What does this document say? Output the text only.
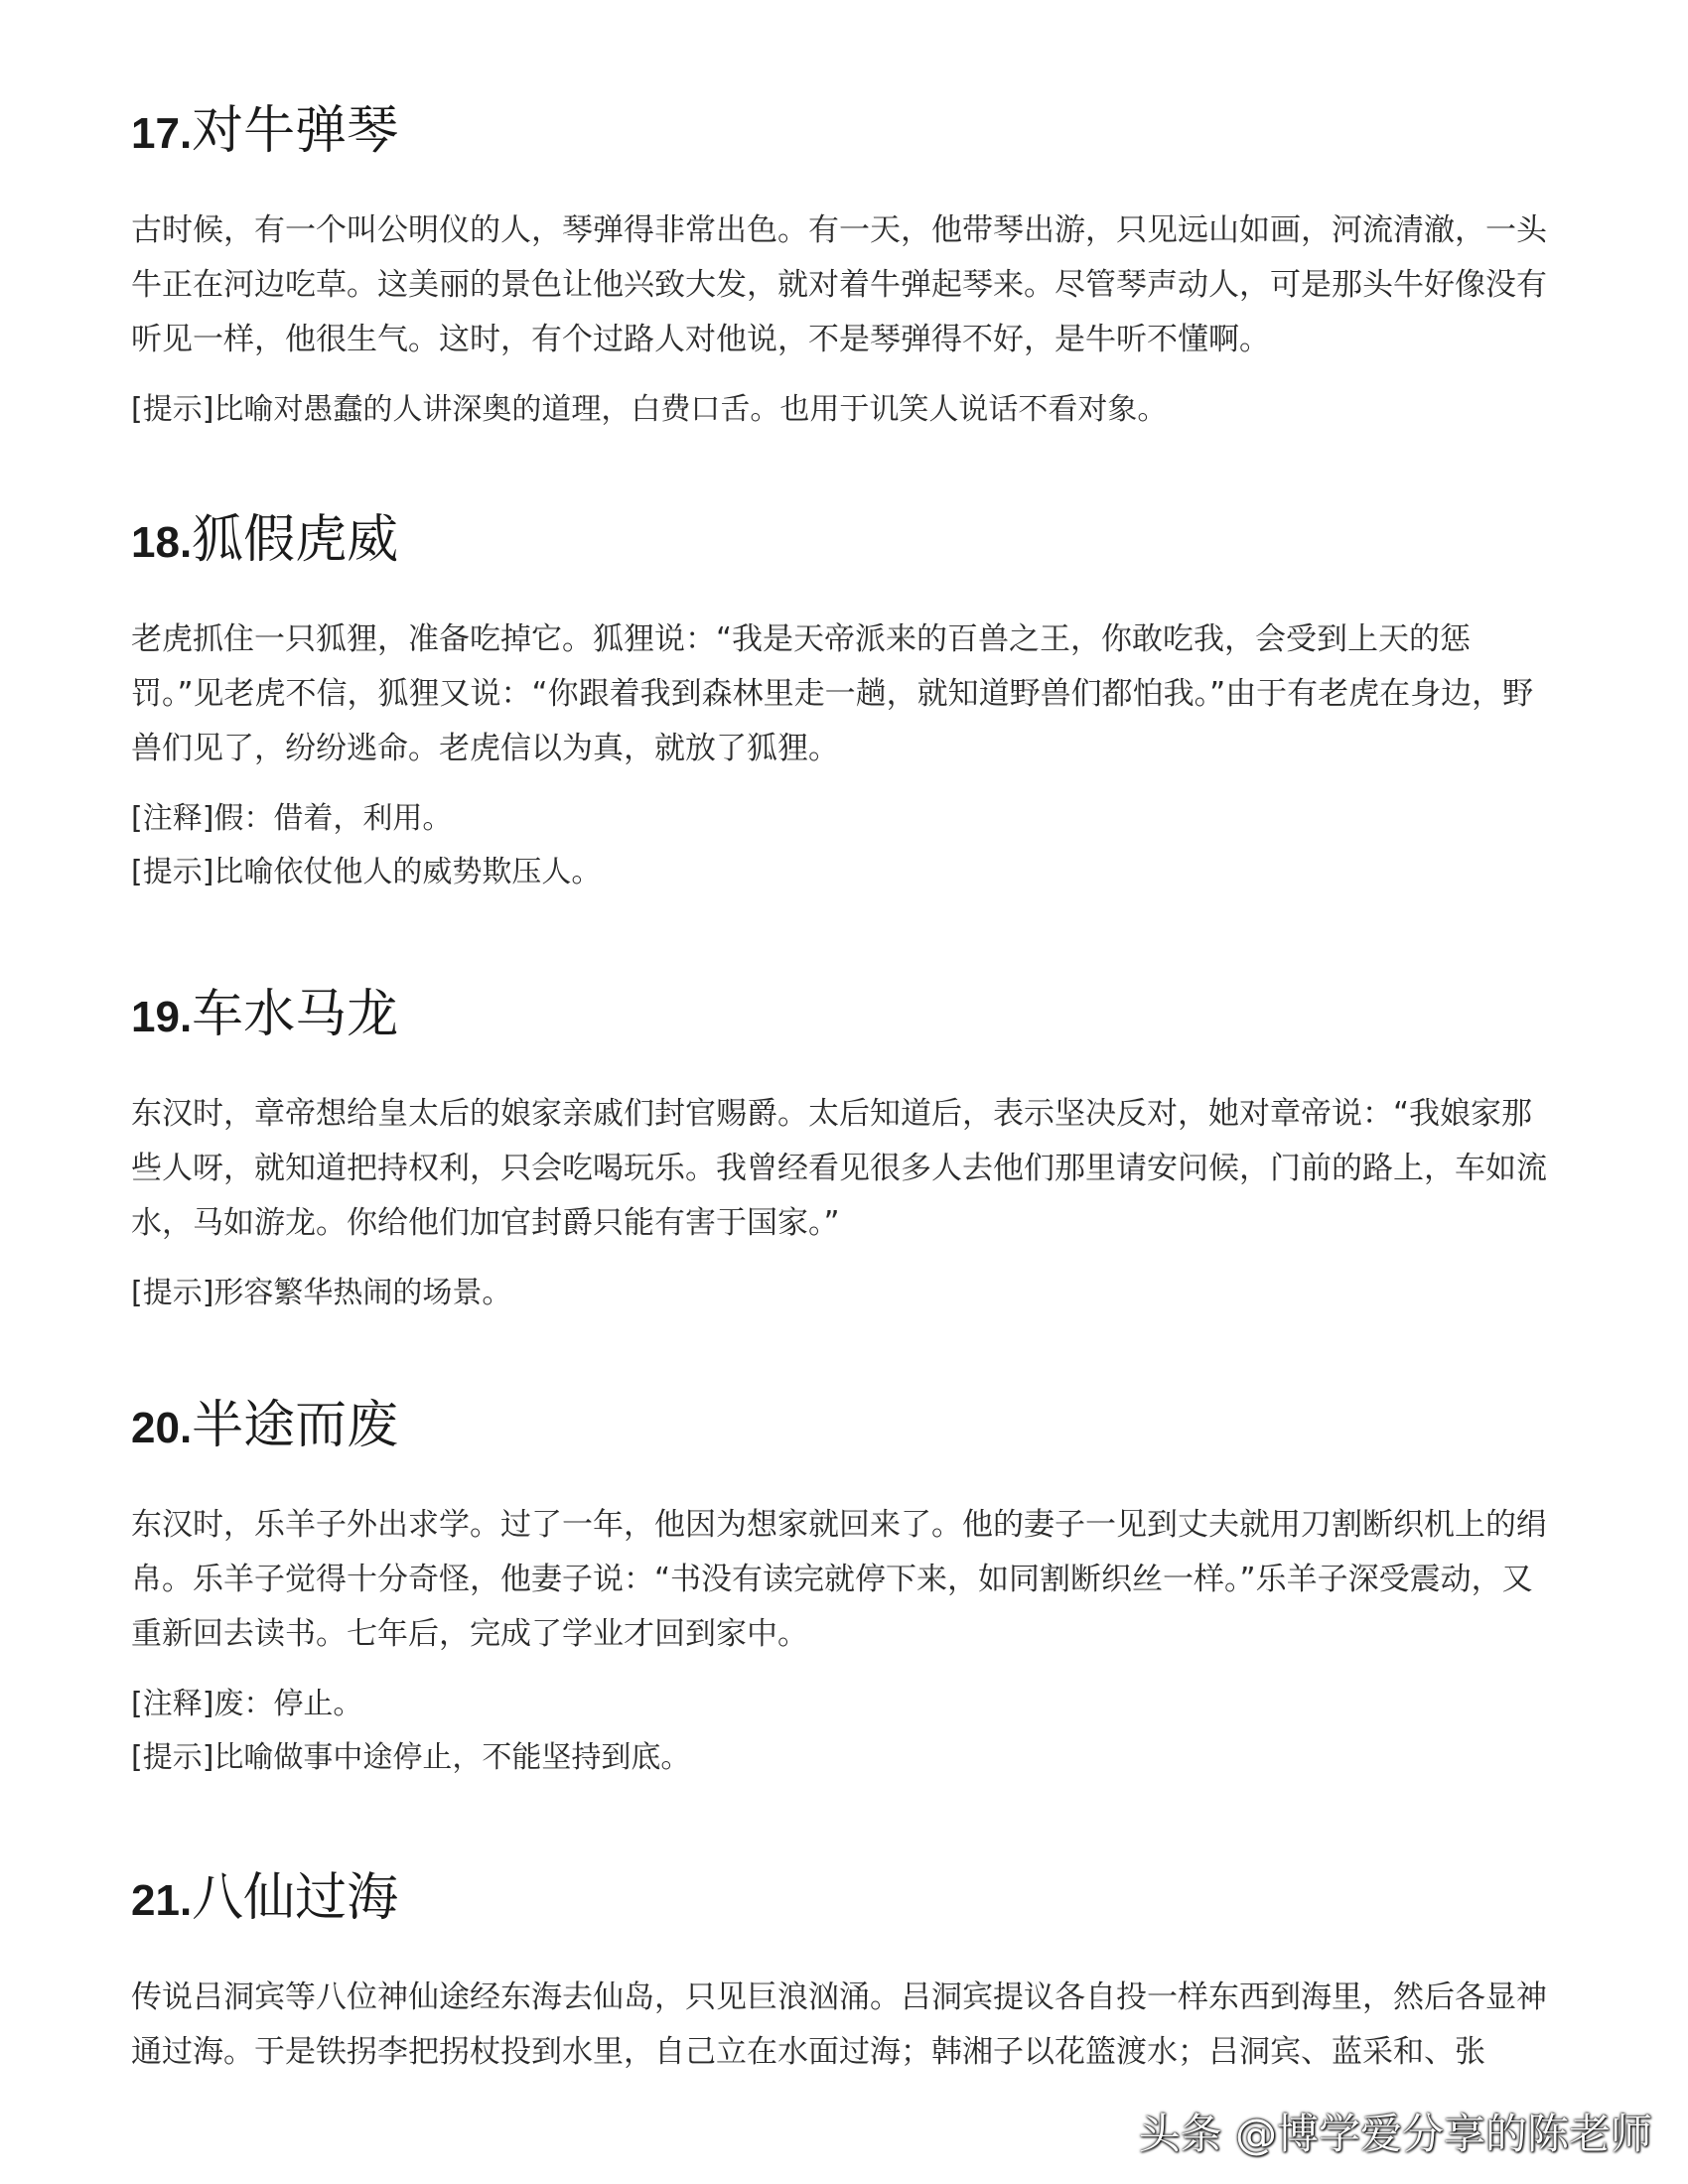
17.对牛弹琴

古时候，有一个叫公明仪的人，琴弹得非常出色。有一天，他带琴出游，只见远山如画，河流清澈，一头牛正在河边吃草。这美丽的景色让他兴致大发，就对着牛弹起琴来。尽管琴声动人，可是那头牛好像没有听见一样，他很生气。这时，有个过路人对他说，不是琴弹得不好，是牛听不懂啊。

[提示]比喻对愚蠢的人讲深奥的道理，白费口舌。也用于讥笑人说话不看对象。

18.狐假虎威

老虎抓住一只狐狸，准备吃掉它。狐狸说：“我是天帝派来的百兽之王，你敢吃我，会受到上天的惩罚。”见老虎不信，狐狸又说：“你跟着我到森林里走一趟，就知道野兽们都怕我。”由于有老虎在身边，野兽们见了，纷纷逃命。老虎信以为真，就放了狐狸。

[注释]假：借着，利用。

[提示]比喻依仗他人的威势欺压人。

19.车水马龙

东汉时，章帝想给皇太后的娘家亲戚们封官赐爵。太后知道后，表示坚决反对，她对章帝说：“我娘家那些人呀，就知道把持权利，只会吃喝玩乐。我曾经看见很多人去他们那里请安问候，门前的路上，车如流水，马如游龙。你给他们加官封爵只能有害于国家。”

[提示]形容繁华热闹的场景。

20.半途而废

东汉时，乐羊子外出求学。过了一年，他因为想家就回来了。他的妻子一见到丈夫就用刀割断织机上的绢帛。乐羊子觉得十分奇怪，他妻子说：“书没有读完就停下来，如同割断织丝一样。”乐羊子深受震动，又重新回去读书。七年后，完成了学业才回到家中。

[注释]废：停止。

[提示]比喻做事中途停止，不能坚持到底。

21.八仙过海

传说吕洞宾等八位神仙途经东海去仙岛，只见巨浪汹涌。吕洞宾提议各自投一样东西到海里，然后各显神通过海。于是铁拐李把拐杖投到水里，自己立在水面过海；韩湘子以花篮渡水；吕洞宾、蓝采和、张

头条 @博学爱分享的陈老师
